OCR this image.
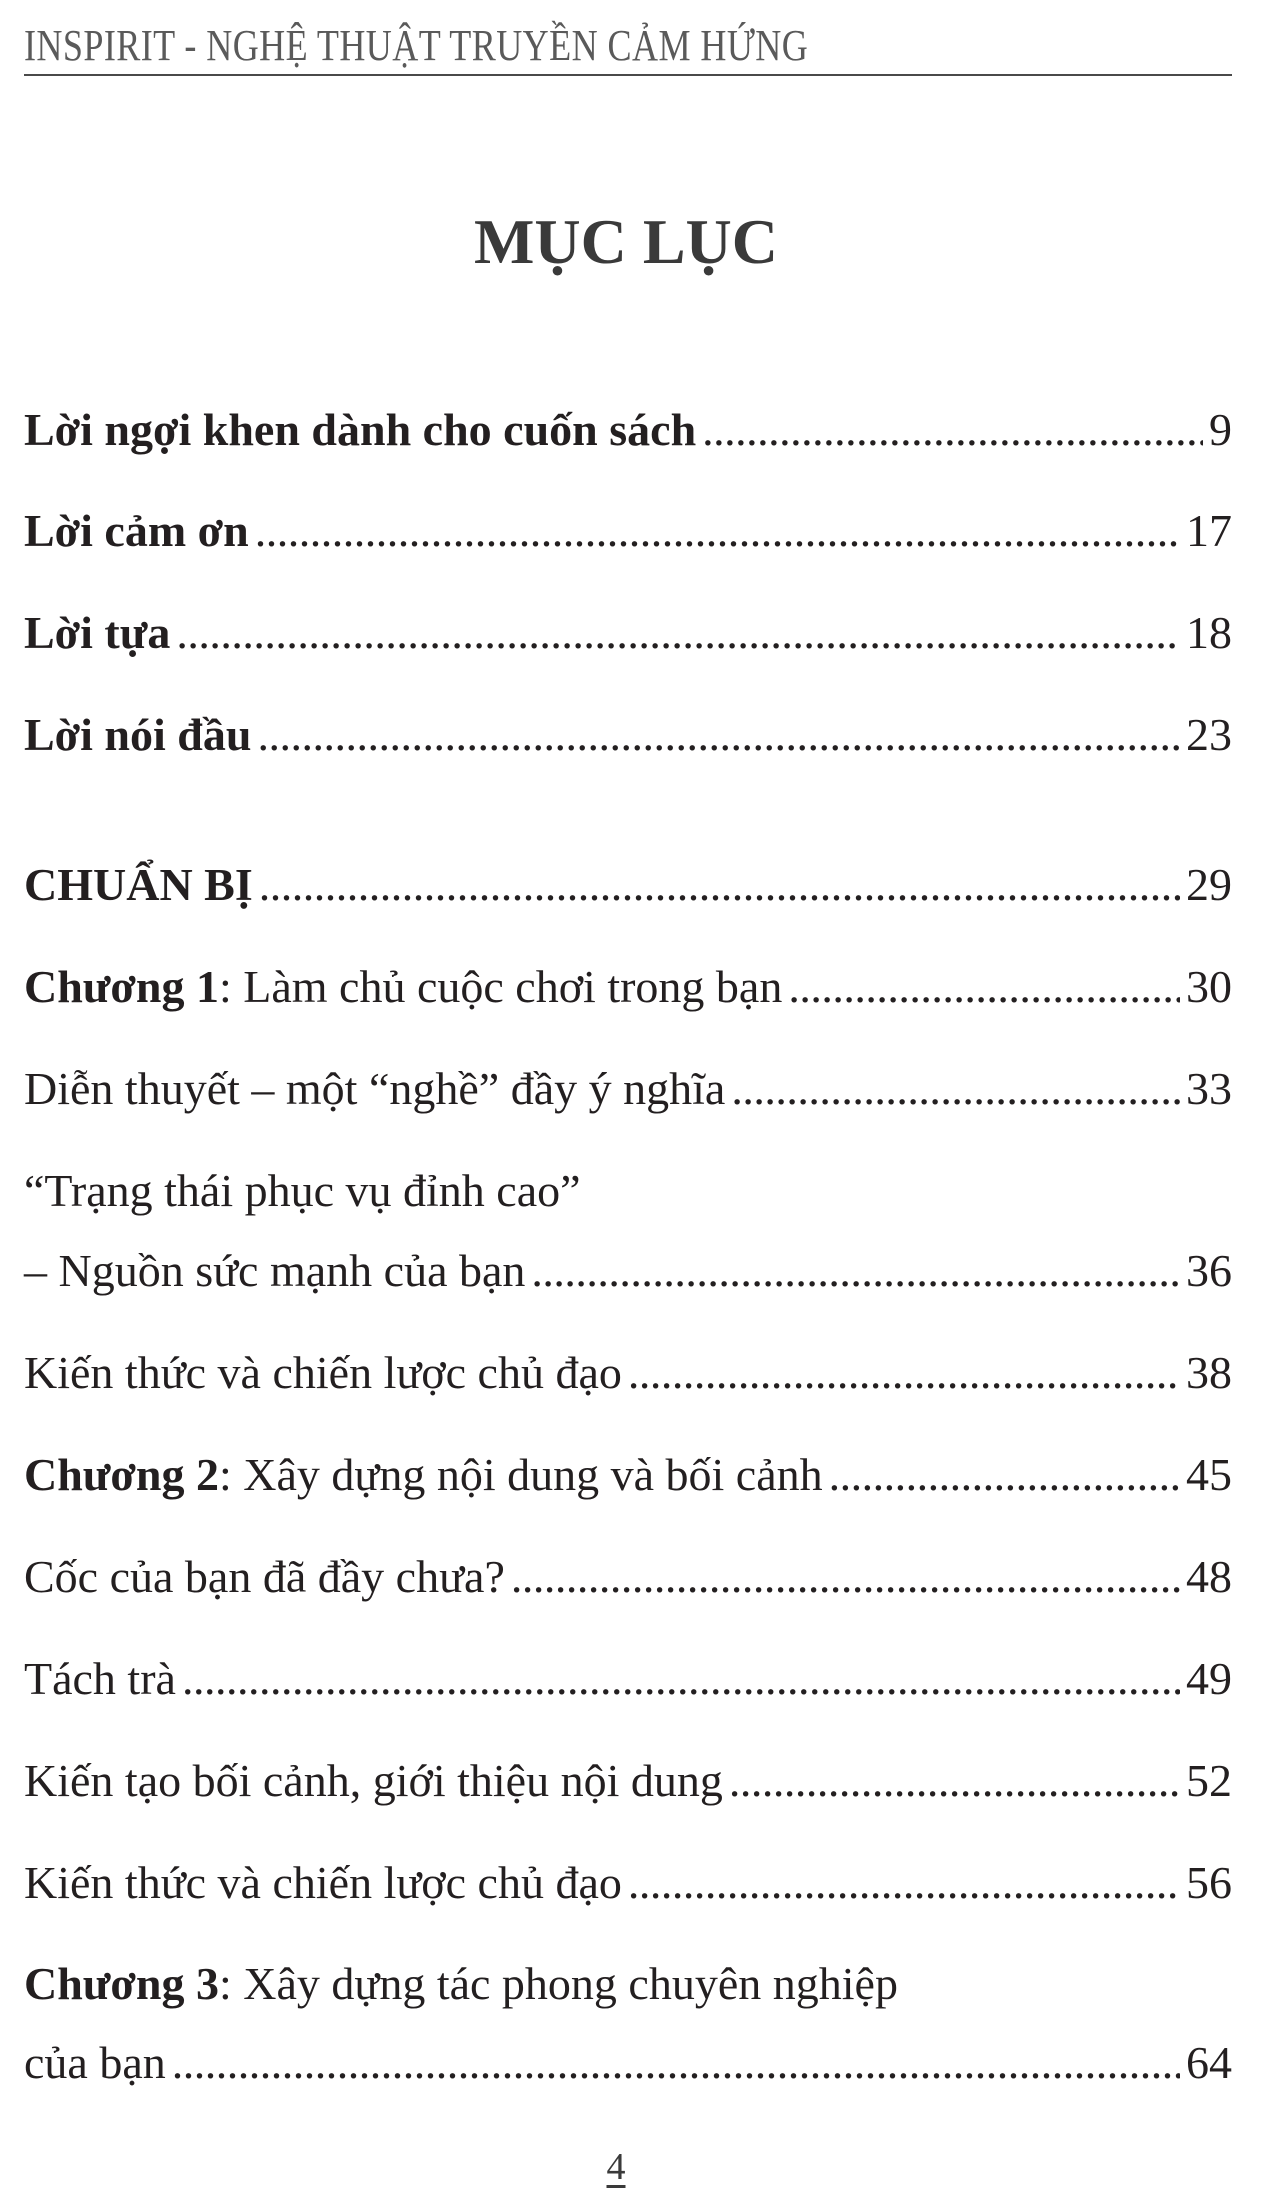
INSPIRIT - NGHỆ THUẬT TRUYỀN CẢM HỨNG
MỤC LỤC
Lời ngợi khen dành cho cuốn sách . . .	9
Lời cảm ơn . . .	17
Lời tựa . . .	18
Lời nói đầu . . .	23
CHUẨN BỊ . . .	29
Chương 1 : Làm chủ cuộc chơi trong bạn . . .	30
Diễn thuyết – một “nghề” đầy ý nghĩa . . .	33
“Trạng thái phục vụ đỉnh cao”
– Nguồn sức mạnh của bạn . . .	36
Kiến thức và chiến lược chủ đạo . . .	38
Chương 2 : Xây dựng nội dung và bối cảnh . . .	45
Cốc của bạn đã đầy chưa? . . .	48
Tách trà . . .	49
Kiến tạo bối cảnh, giới thiệu nội dung . . .	52
Kiến thức và chiến lược chủ đạo . . .	56
Chương 3: Xây dựng tác phong chuyên nghiệp
của bạn . . .	64
4
